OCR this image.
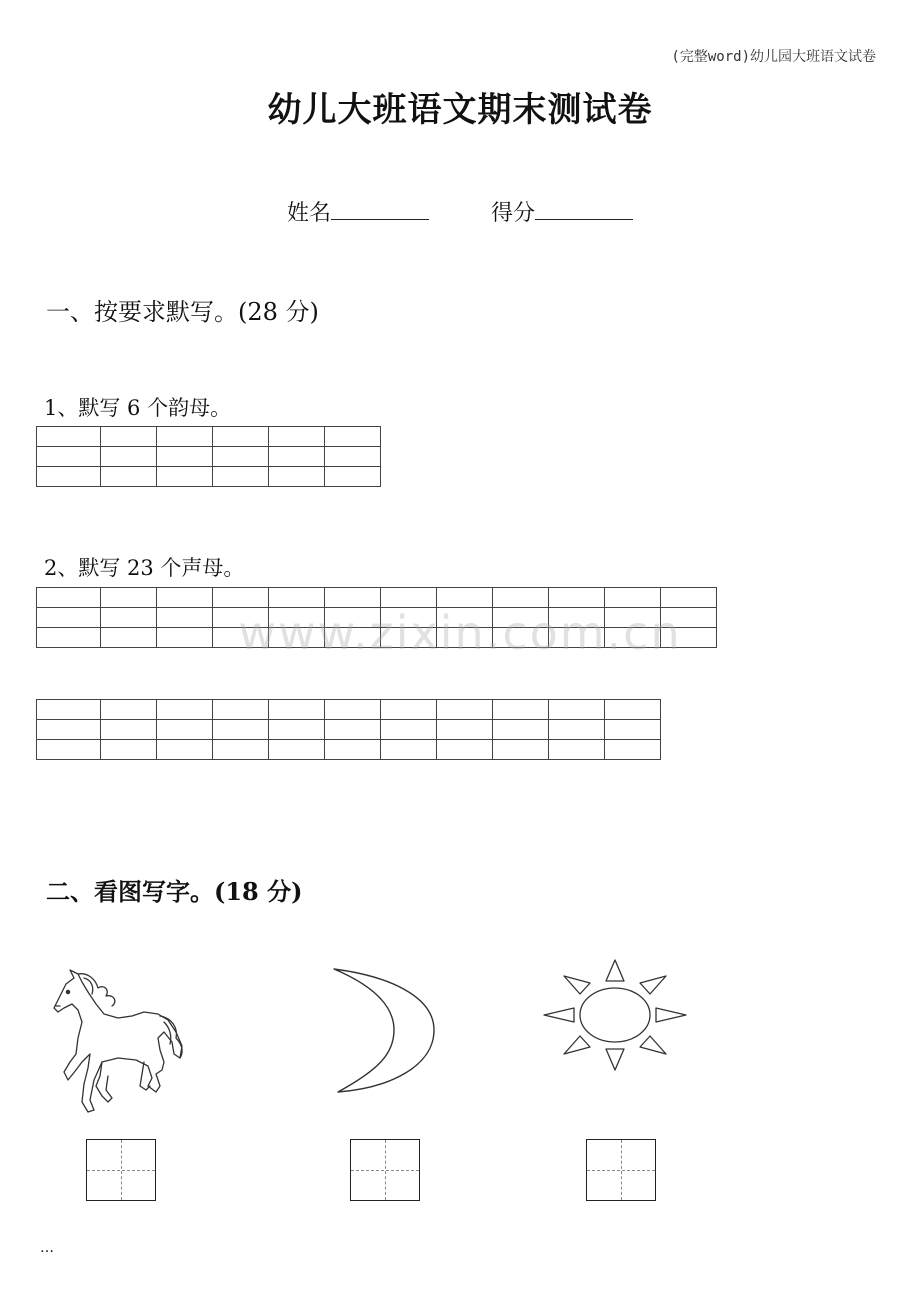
(完整word)幼儿园大班语文试卷
幼儿大班语文期末测试卷
姓名	得分
一、按要求默写。(28 分)
1、默写 6 个韵母。

2、默写 23 个声母。

www.zixin.com.cn

二、看图写字。(18 分)
…
